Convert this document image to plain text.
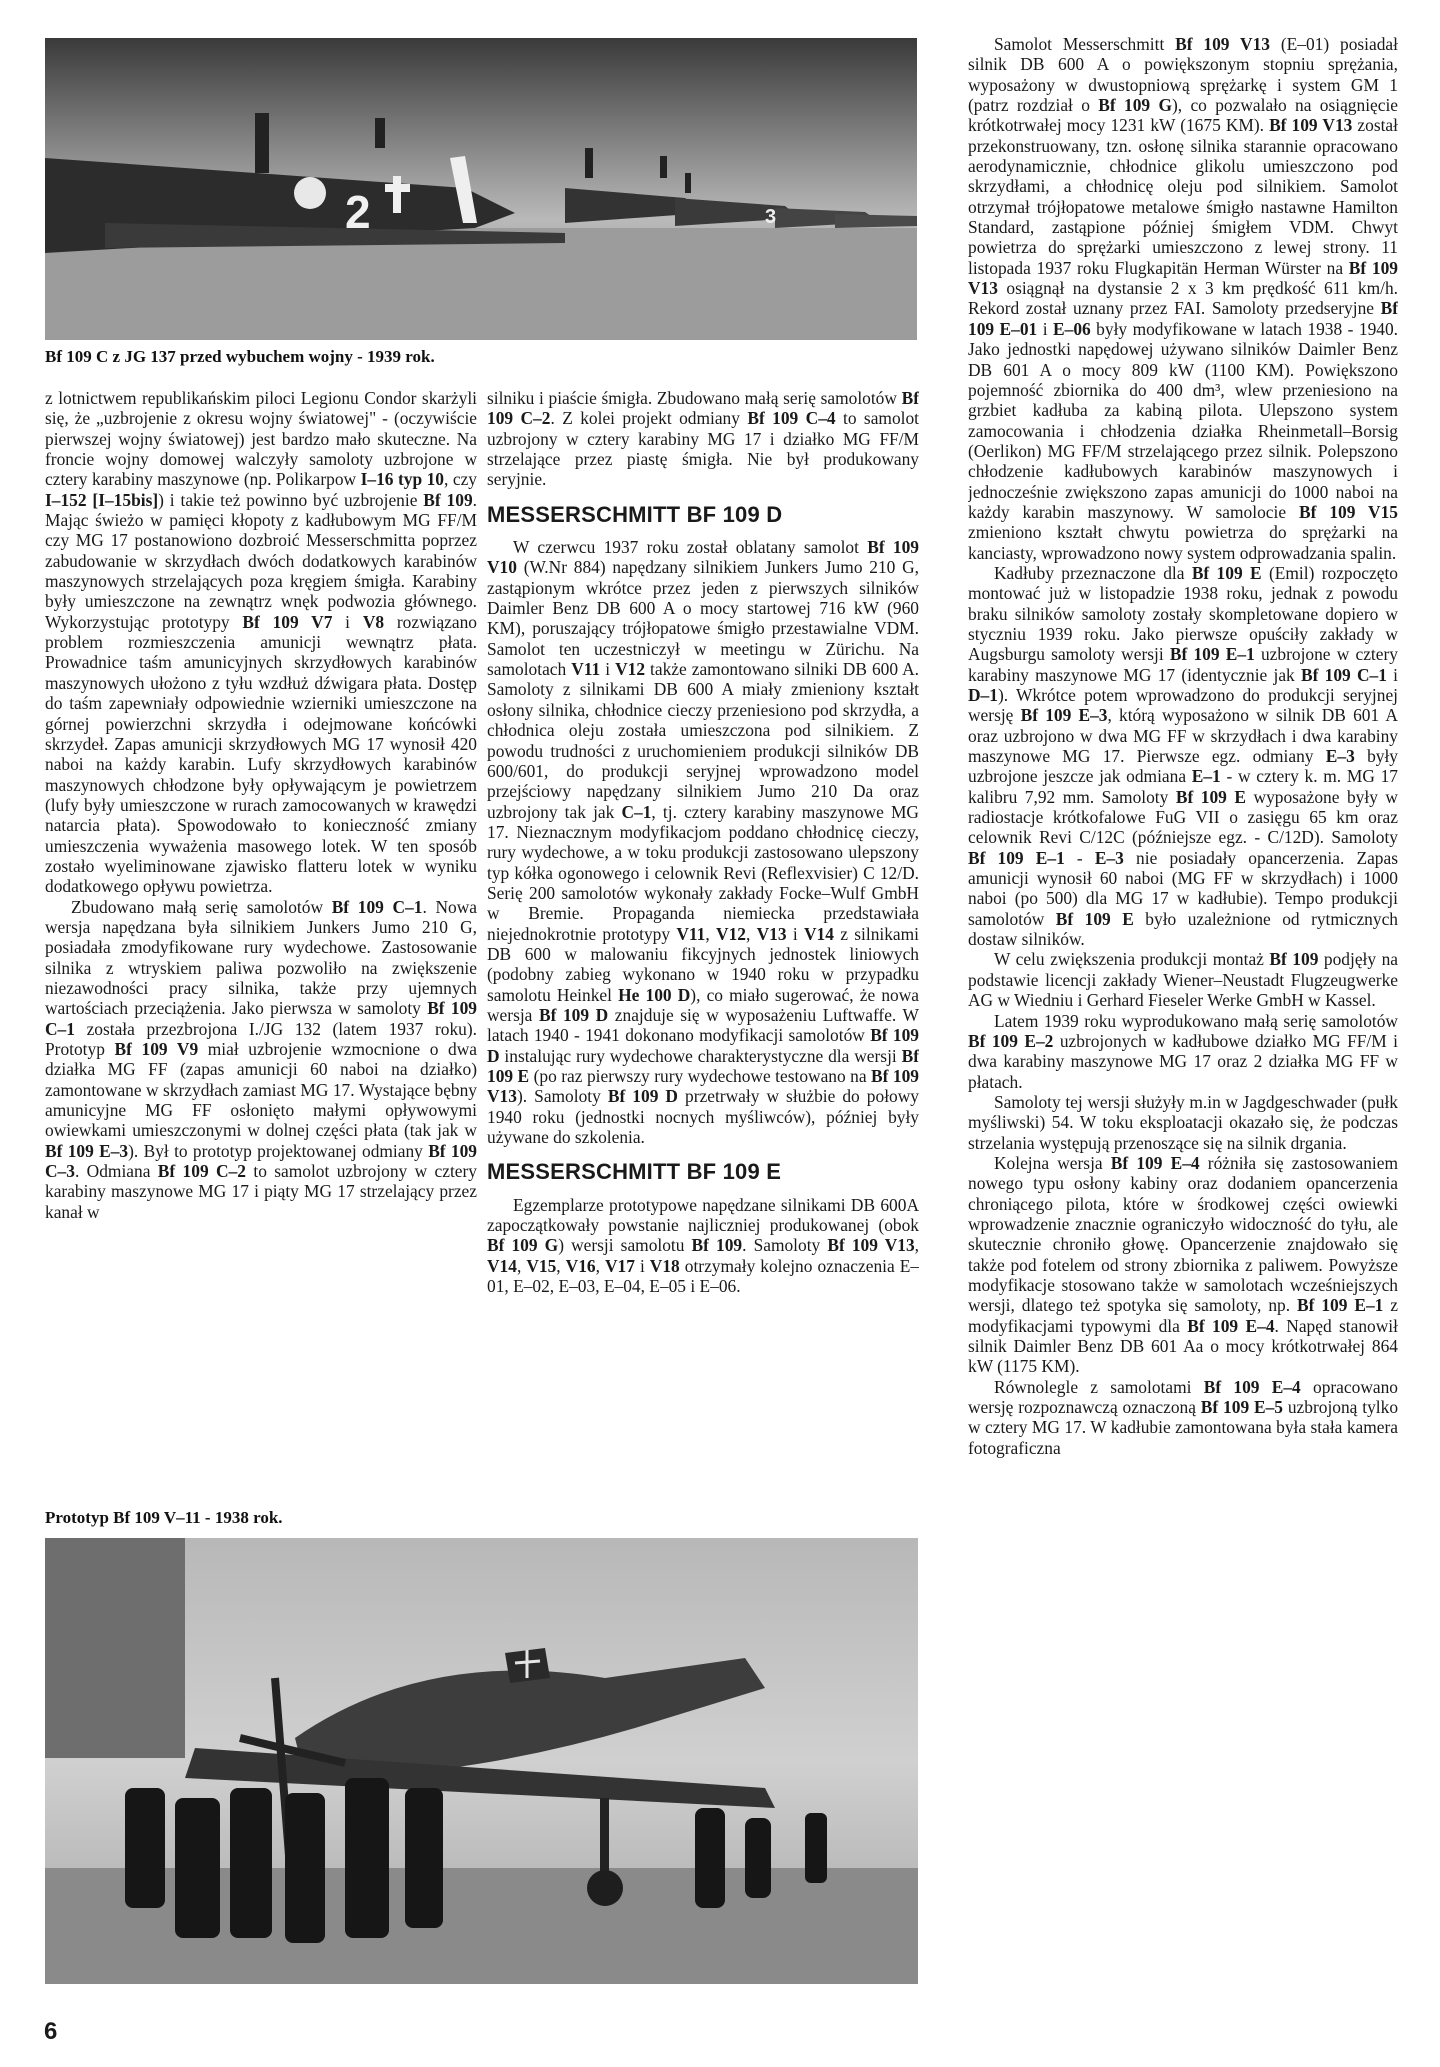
2	3
Bf 109 C z JG 137 przed wybuchem wojny - 1939 rok.

z lotnictwem republikańskim piloci Legionu Condor skarżyli się, że „uzbrojenie z okresu wojny światowej" - (oczywiście pierwszej wojny światowej) jest bardzo mało skuteczne. Na froncie wojny domowej walczyły samoloty uzbrojone w cztery karabiny maszynowe (np. Polikarpow I–16 typ 10, czy I–152 [I–15bis]) i takie też powinno być uzbrojenie Bf 109. Mając świeżo w pamięci kłopoty z kadłubowym MG FF/M czy MG 17 postanowiono dozbroić Messerschmitta poprzez zabudowanie w skrzydłach dwóch dodatkowych karabinów maszynowych strzelających poza kręgiem śmigła. Karabiny były umieszczone na zewnątrz wnęk podwozia głównego. Wykorzystując prototypy Bf 109 V7 i V8 rozwiązano problem rozmieszczenia amunicji wewnątrz płata. Prowadnice taśm amunicyjnych skrzydłowych karabinów maszynowych ułożono z tyłu wzdłuż dźwigara płata. Dostęp do taśm zapewniały odpowiednie wzierniki umieszczone na górnej powierzchni skrzydła i odejmowane końcówki skrzydeł. Zapas amunicji skrzydłowych MG 17 wynosił 420 naboi na każdy karabin. Lufy skrzydłowych karabinów maszynowych chłodzone były opływającym je powietrzem (lufy były umieszczone w rurach zamocowanych w krawędzi natarcia płata). Spowodowało to konieczność zmiany umieszczenia wyważenia masowego lotek. W ten sposób zostało wyeliminowane zjawisko flatteru lotek w wyniku dodatkowego opływu powietrza.

Zbudowano małą serię samolotów Bf 109 C–1. Nowa wersja napędzana była silnikiem Junkers Jumo 210 G, posiadała zmodyfikowane rury wydechowe. Zastosowanie silnika z wtryskiem paliwa pozwoliło na zwiększenie niezawodności pracy silnika, także przy ujemnych wartościach przeciążenia. Jako pierwsza w samoloty Bf 109 C–1 została przezbrojona I./JG 132 (latem 1937 roku). Prototyp Bf 109 V9 miał uzbrojenie wzmocnione o dwa działka MG FF (zapas amunicji 60 naboi na działko) zamontowane w skrzydłach zamiast MG 17. Wystające bębny amunicyjne MG FF osłonięto małymi opływowymi owiewkami umieszczonymi w dolnej części płata (tak jak w Bf 109 E–3). Był to prototyp projektowanej odmiany Bf 109 C–3. Odmiana Bf 109 C–2 to samolot uzbrojony w cztery karabiny maszynowe MG 17 i piąty MG 17 strzelający przez kanał w

silniku i piaście śmigła. Zbudowano małą serię samolotów Bf 109 C–2. Z kolei projekt odmiany Bf 109 C–4 to samolot uzbrojony w cztery karabiny MG 17 i działko MG FF/M strzelające przez piastę śmigła. Nie był produkowany seryjnie.

MESSERSCHMITT BF 109 D

W czerwcu 1937 roku został oblatany samolot Bf 109 V10 (W.Nr 884) napędzany silnikiem Junkers Jumo 210 G, zastąpionym wkrótce przez jeden z pierwszych silników Daimler Benz DB 600 A o mocy startowej 716 kW (960 KM), poruszający trójłopatowe śmigło przestawialne VDM. Samolot ten uczestniczył w meetingu w Zürichu. Na samolotach V11 i V12 także zamontowano silniki DB 600 A. Samoloty z silnikami DB 600 A miały zmieniony kształt osłony silnika, chłodnice cieczy przeniesiono pod skrzydła, a chłodnica oleju została umieszczona pod silnikiem. Z powodu trudności z uruchomieniem produkcji silników DB 600/601, do produkcji seryjnej wprowadzono model przejściowy napędzany silnikiem Jumo 210 Da oraz uzbrojony tak jak C–1, tj. cztery karabiny maszynowe MG 17. Nieznacznym modyfikacjom poddano chłodnicę cieczy, rury wydechowe, a w toku produkcji zastosowano ulepszony typ kółka ogonowego i celownik Revi (Reflexvisier) C 12/D. Serię 200 samolotów wykonały zakłady Focke–Wulf GmbH w Bremie. Propaganda niemiecka przedstawiała niejednokrotnie prototypy V11, V12, V13 i V14 z silnikami DB 600 w malowaniu fikcyjnych jednostek liniowych (podobny zabieg wykonano w 1940 roku w przypadku samolotu Heinkel He 100 D), co miało sugerować, że nowa wersja Bf 109 D znajduje się w wyposażeniu Luftwaffe. W latach 1940 - 1941 dokonano modyfikacji samolotów Bf 109 D instalując rury wydechowe charakterystyczne dla wersji Bf 109 E (po raz pierwszy rury wydechowe testowano na Bf 109 V13). Samoloty Bf 109 D przetrwały w służbie do połowy 1940 roku (jednostki nocnych myśliwców), później były używane do szkolenia.

MESSERSCHMITT BF 109 E

Egzemplarze prototypowe napędzane silnikami DB 600A zapoczątkowały powstanie najliczniej produkowanej (obok Bf 109 G) wersji samolotu Bf 109. Samoloty Bf 109 V13, V14, V15, V16, V17 i V18 otrzymały kolejno oznaczenia E–01, E–02, E–03, E–04, E–05 i E–06.

Samolot Messerschmitt Bf 109 V13 (E–01) posiadał silnik DB 600 A o powiększonym stopniu sprężania, wyposażony w dwustopniową sprężarkę i system GM 1 (patrz rozdział o Bf 109 G), co pozwalało na osiągnięcie krótkotrwałej mocy 1231 kW (1675 KM). Bf 109 V13 został przekonstruowany, tzn. osłonę silnika starannie opracowano aerodynamicznie, chłodnice glikolu umieszczono pod skrzydłami, a chłodnicę oleju pod silnikiem. Samolot otrzymał trójłopatowe metalowe śmigło nastawne Hamilton Standard, zastąpione później śmigłem VDM. Chwyt powietrza do sprężarki umieszczono z lewej strony. 11 listopada 1937 roku Flugkapitän Herman Würster na Bf 109 V13 osiągnął na dystansie 2 x 3 km prędkość 611 km/h. Rekord został uznany przez FAI. Samoloty przedseryjne Bf 109 E–01 i E–06 były modyfikowane w latach 1938 - 1940. Jako jednostki napędowej używano silników Daimler Benz DB 601 A o mocy 809 kW (1100 KM). Powiększono pojemność zbiornika do 400 dm³, wlew przeniesiono na grzbiet kadłuba za kabiną pilota. Ulepszono system zamocowania i chłodzenia działka Rheinmetall–Borsig (Oerlikon) MG FF/M strzelającego przez silnik. Polepszono chłodzenie kadłubowych karabinów maszynowych i jednocześnie zwiększono zapas amunicji do 1000 naboi na każdy karabin maszynowy. W samolocie Bf 109 V15 zmieniono kształt chwytu powietrza do sprężarki na kanciasty, wprowadzono nowy system odprowadzania spalin.

Kadłuby przeznaczone dla Bf 109 E (Emil) rozpoczęto montować już w listopadzie 1938 roku, jednak z powodu braku silników samoloty zostały skompletowane dopiero w styczniu 1939 roku. Jako pierwsze opuściły zakłady w Augsburgu samoloty wersji Bf 109 E–1 uzbrojone w cztery karabiny maszynowe MG 17 (identycznie jak Bf 109 C–1 i D–1). Wkrótce potem wprowadzono do produkcji seryjnej wersję Bf 109 E–3, którą wyposażono w silnik DB 601 A oraz uzbrojono w dwa MG FF w skrzydłach i dwa karabiny maszynowe MG 17. Pierwsze egz. odmiany E–3 były uzbrojone jeszcze jak odmiana E–1 - w cztery k. m. MG 17 kalibru 7,92 mm. Samoloty Bf 109 E wyposażone były w radiostacje krótkofalowe FuG VII o zasięgu 65 km oraz celownik Revi C/12C (późniejsze egz. - C/12D). Samoloty Bf 109 E–1 - E–3 nie posiadały opancerzenia. Zapas amunicji wynosił 60 naboi (MG FF w skrzydłach) i 1000 naboi (po 500) dla MG 17 w kadłubie). Tempo produkcji samolotów Bf 109 E było uzależnione od rytmicznych dostaw silników.

W celu zwiększenia produkcji montaż Bf 109 podjęły na podstawie licencji zakłady Wiener–Neustadt Flugzeugwerke AG w Wiedniu i Gerhard Fieseler Werke GmbH w Kassel.

Latem 1939 roku wyprodukowano małą serię samolotów Bf 109 E–2 uzbrojonych w kadłubowe działko MG FF/M i dwa karabiny maszynowe MG 17 oraz 2 działka MG FF w płatach.

Samoloty tej wersji służyły m.in w Jagdgeschwader (pułk myśliwski) 54. W toku eksploatacji okazało się, że podczas strzelania występują przenoszące się na silnik drgania.

Kolejna wersja Bf 109 E–4 różniła się zastosowaniem nowego typu osłony kabiny oraz dodaniem opancerzenia chroniącego pilota, które w środkowej części owiewki wprowadzenie znacznie ograniczyło widoczność do tyłu, ale skutecznie chroniło głowę. Opancerzenie znajdowało się także pod fotelem od strony zbiornika z paliwem. Powyższe modyfikacje stosowano także w samolotach wcześniejszych wersji, dlatego też spotyka się samoloty, np. Bf 109 E–1 z modyfikacjami typowymi dla Bf 109 E–4. Napęd stanowił silnik Daimler Benz DB 601 Aa o mocy krótkotrwałej 864 kW (1175 KM).

Równolegle z samolotami Bf 109 E–4 opracowano wersję rozpoznawczą oznaczoną Bf 109 E–5 uzbrojoną tylko w cztery MG 17. W kadłubie zamontowana była stała kamera fotograficzna

Prototyp Bf 109 V–11 - 1938 rok.
6
